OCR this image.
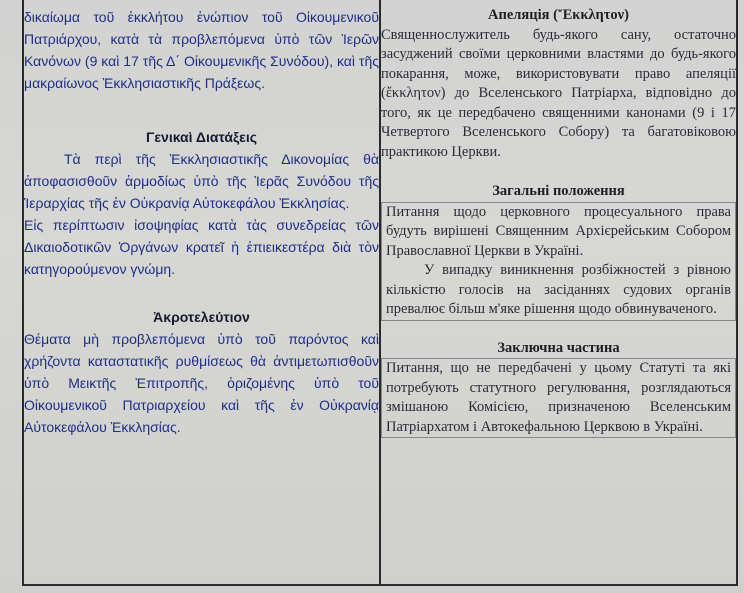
δικαίωμα τοῦ ἐκκλήτου ἐνώπιον τοῦ Οἰκουμενικοῦ Πατριάρχου, κατὰ τὰ προβλεπόμενα ὑπὸ τῶν Ἱερῶν Κανόνων (9 καὶ 17 τῆς Δ΄ Οἰκουμενικῆς Συνόδου), καὶ τῆς μακραίωνος Ἐκκλησιαστικῆς Πράξεως.

Γενικαὶ Διατάξεις

Τὰ περὶ τῆς Ἐκκλησιαστικῆς Δικονομίας θὰ ἀποφασισθοῦν ἁρμοδίως ὑπὸ τῆς Ἱερᾶς Συνόδου τῆς Ἱεραρχίας τῆς ἐν Οὐκρανίᾳ Αὐτοκεφάλου Ἐκκλησίας.

Εἰς περίπτωσιν ἰσοψηφίας κατὰ τὰς συνεδρείας τῶν Δικαιοδοτικῶν Ὀργάνων κρατεῖ ἡ ἐπιεικεστέρα διὰ τὸν κατηγορούμενον γνώμη.

Ἀκροτελεύτιον

Θέματα μὴ προβλεπόμενα ὑπὸ τοῦ παρόντος καὶ χρήζοντα καταστατικῆς ρυθμίσεως θὰ ἀντιμετωπισθοῦν ὑπὸ Μεικτῆς Ἐπιτροπῆς, ὁριζομένης ὑπὸ τοῦ Οἰκουμενικοῦ Πατριαρχείου καὶ τῆς ἐν Οὐκρανίᾳ Αὐτοκεφάλου Ἐκκλησίας.

Апеляція (Ἔκκλητον)

Священнослужитель будь-якого сану, остаточно засуджений своїми церковними властями до будь-якого покарання, може, використовувати право апеляції (ἔκκλητον) до Вселенського Патріарха, відповідно до того, як це передбачено священними канонами (9 і 17 Четвертого Вселенського Собору) та багатовіковою практикою Церкви.

Загальні положення

Питання щодо церковного процесуального права будуть вирішені Священним Архієрейським Собором Православної Церкви в Україні.

У випадку виникнення розбіжностей з рівною кількістю голосів на засіданнях судових органів превалює більш м'яке рішення щодо обвинуваченого.

Заключна частина

Питання, що не передбачені у цьому Статуті та які потребують статутного регулювання, розглядаються змішаною Комісією, призначеною Вселенським Патріархатом і Автокефальною Церквою в Україні.
